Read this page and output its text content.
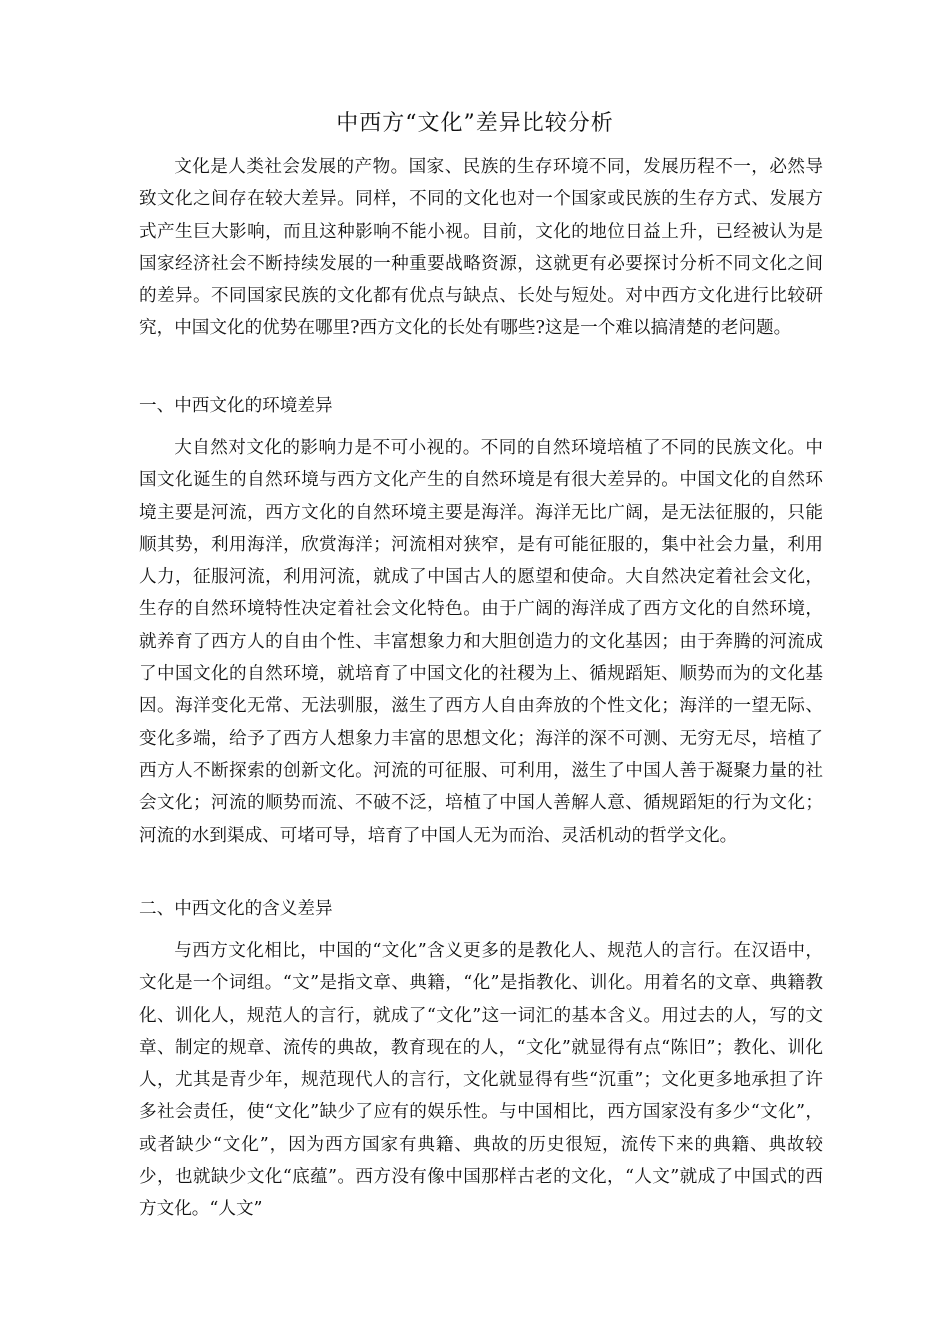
中西方“文化”差异比较分析

文化是人类社会发展的产物。国家、民族的生存环境不同，发展历程不一，必然导致文化之间存在较大差异。同样，不同的文化也对一个国家或民族的生存方式、发展方式产生巨大影响，而且这种影响不能小视。目前，文化的地位日益上升，已经被认为是国家经济社会不断持续发展的一种重要战略资源，这就更有必要探讨分析不同文化之间的差异。不同国家民族的文化都有优点与缺点、长处与短处。对中西方文化进行比较研究，中国文化的优势在哪里?西方文化的长处有哪些?这是一个难以搞清楚的老问题。

一、中西文化的环境差异

大自然对文化的影响力是不可小视的。不同的自然环境培植了不同的民族文化。中国文化诞生的自然环境与西方文化产生的自然环境是有很大差异的。中国文化的自然环境主要是河流，西方文化的自然环境主要是海洋。海洋无比广阔，是无法征服的，只能顺其势，利用海洋，欣赏海洋；河流相对狭窄，是有可能征服的，集中社会力量，利用人力，征服河流，利用河流，就成了中国古人的愿望和使命。大自然决定着社会文化，生存的自然环境特性决定着社会文化特色。由于广阔的海洋成了西方文化的自然环境，就养育了西方人的自由个性、丰富想象力和大胆创造力的文化基因；由于奔腾的河流成了中国文化的自然环境，就培育了中国文化的社稷为上、循规蹈矩、顺势而为的文化基因。海洋变化无常、无法驯服，滋生了西方人自由奔放的个性文化；海洋的一望无际、变化多端，给予了西方人想象力丰富的思想文化；海洋的深不可测、无穷无尽，培植了西方人不断探索的创新文化。河流的可征服、可利用，滋生了中国人善于凝聚力量的社会文化；河流的顺势而流、不破不泛，培植了中国人善解人意、循规蹈矩的行为文化；河流的水到渠成、可堵可导，培育了中国人无为而治、灵活机动的哲学文化。

二、中西文化的含义差异

与西方文化相比，中国的“文化”含义更多的是教化人、规范人的言行。在汉语中，文化是一个词组。“文”是指文章、典籍，“化”是指教化、训化。用着名的文章、典籍教化、训化人，规范人的言行，就成了“文化”这一词汇的基本含义。用过去的人，写的文章、制定的规章、流传的典故，教育现在的人，“文化”就显得有点“陈旧”；教化、训化人，尤其是青少年，规范现代人的言行，文化就显得有些“沉重”；文化更多地承担了许多社会责任，使“文化”缺少了应有的娱乐性。与中国相比，西方国家没有多少“文化”，或者缺少“文化”，因为西方国家有典籍、典故的历史很短，流传下来的典籍、典故较少，也就缺少文化“底蕴”。西方没有像中国那样古老的文化，“人文”就成了中国式的西方文化。“人文”
